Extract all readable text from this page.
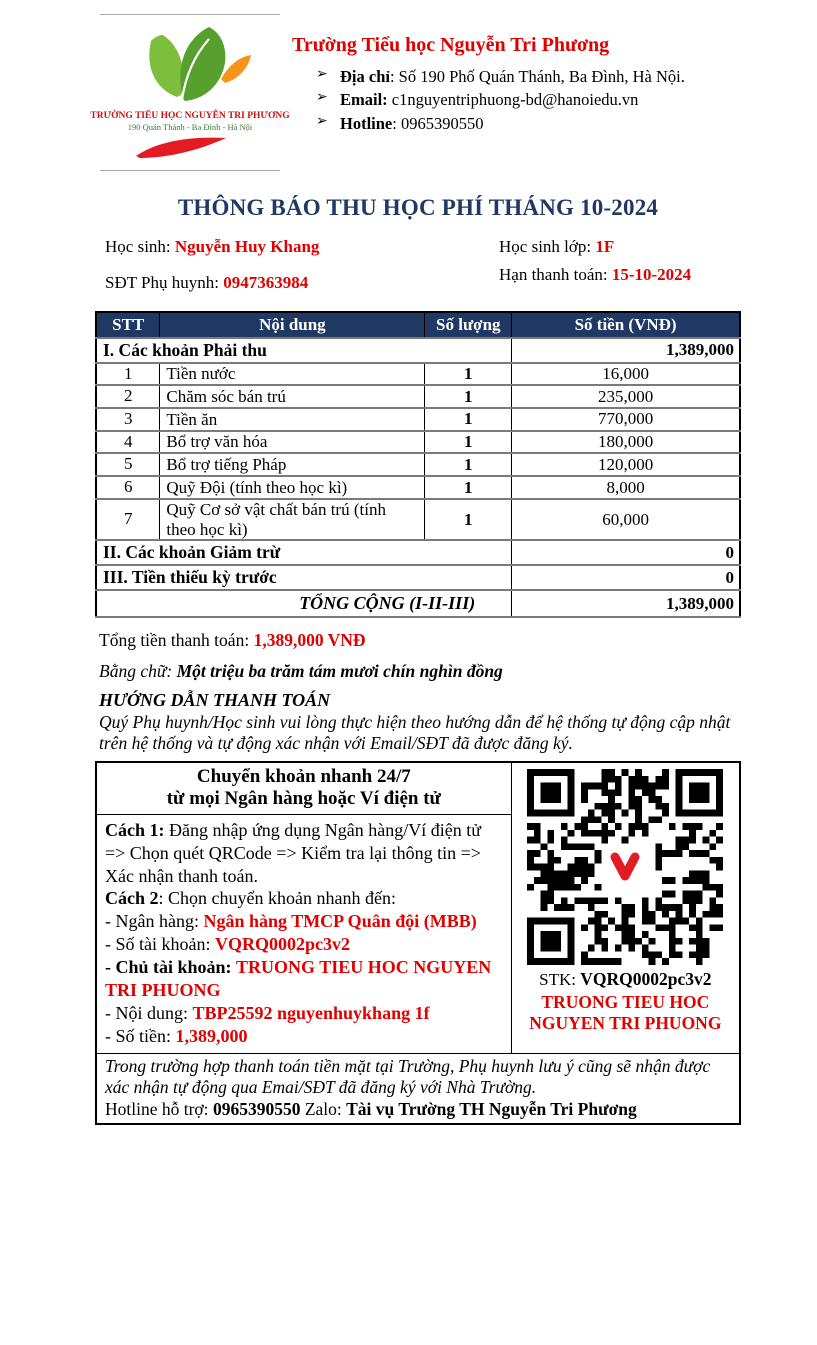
TRƯỜNG TIỂU HỌC NGUYỄN TRI PHƯƠNG
190 Quán Thánh - Ba Đình - Hà Nội
Trường Tiểu học Nguyễn Tri Phương
➢ Địa chỉ: Số 190 Phố Quán Thánh, Ba Đình, Hà Nội.
➢ Email: c1nguyentriphuong-bd@hanoiedu.vn
➢ Hotline: 0965390550
THÔNG BÁO THU HỌC PHÍ THÁNG 10-2024
Học sinh: Nguyễn Huy Khang
SĐT Phụ huynh: 0947363984
Học sinh lớp: 1F
Hạn thanh toán: 15-10-2024
STT	Nội dung	Số lượng	Số tiền (VNĐ)
I. Các khoản Phải thu			1,389,000
1	Tiền nước	1	16,000
2	Chăm sóc bán trú	1	235,000
3	Tiền ăn	1	770,000
4	Bổ trợ văn hóa	1	180,000
5	Bổ trợ tiếng Pháp	1	120,000
6	Quỹ Đội (tính theo học kì)	1	8,000
7	Quỹ Cơ sở vật chất bán trú (tính theo học kì)	1	60,000
II. Các khoản Giảm trừ			0
III. Tiền thiếu kỳ trước			0
TỔNG CỘNG (I-II-III)			1,389,000
Tổng tiền thanh toán: 1,389,000 VNĐ
Bằng chữ: Một triệu ba trăm tám mươi chín nghìn đồng
HƯỚNG DẪN THANH TOÁN
Quý Phụ huynh/Học sinh vui lòng thực hiện theo hướng dẫn để hệ thống tự động cập nhật trên hệ thống và tự động xác nhận với Email/SĐT đã được đăng ký.
Chuyển khoản nhanh 24/7
từ mọi Ngân hàng hoặc Ví điện tử

STK: VQRQ0002pc3v2
TRUONG TIEU HOC
NGUYEN TRI PHUONG

Cách 1: Đăng nhập ứng dụng Ngân hàng/Ví điện tử => Chọn quét QRCode => Kiểm tra lại thông tin => Xác nhận thanh toán.
Cách 2: Chọn chuyển khoản nhanh đến:
- Ngân hàng: Ngân hàng TMCP Quân đội (MBB)
- Số tài khoản: VQRQ0002pc3v2
- Chủ tài khoản: TRUONG TIEU HOC NGUYEN TRI PHUONG
- Nội dung: TBP25592 nguyenhuykhang 1f
- Số tiền: 1,389,000

Trong trường hợp thanh toán tiền mặt tại Trường, Phụ huynh lưu ý cũng sẽ nhận được xác nhận tự động qua Emai/SĐT đã đăng ký với Nhà Trường.
Hotline hỗ trợ: 0965390550 Zalo: Tài vụ Trường TH Nguyễn Tri Phương
